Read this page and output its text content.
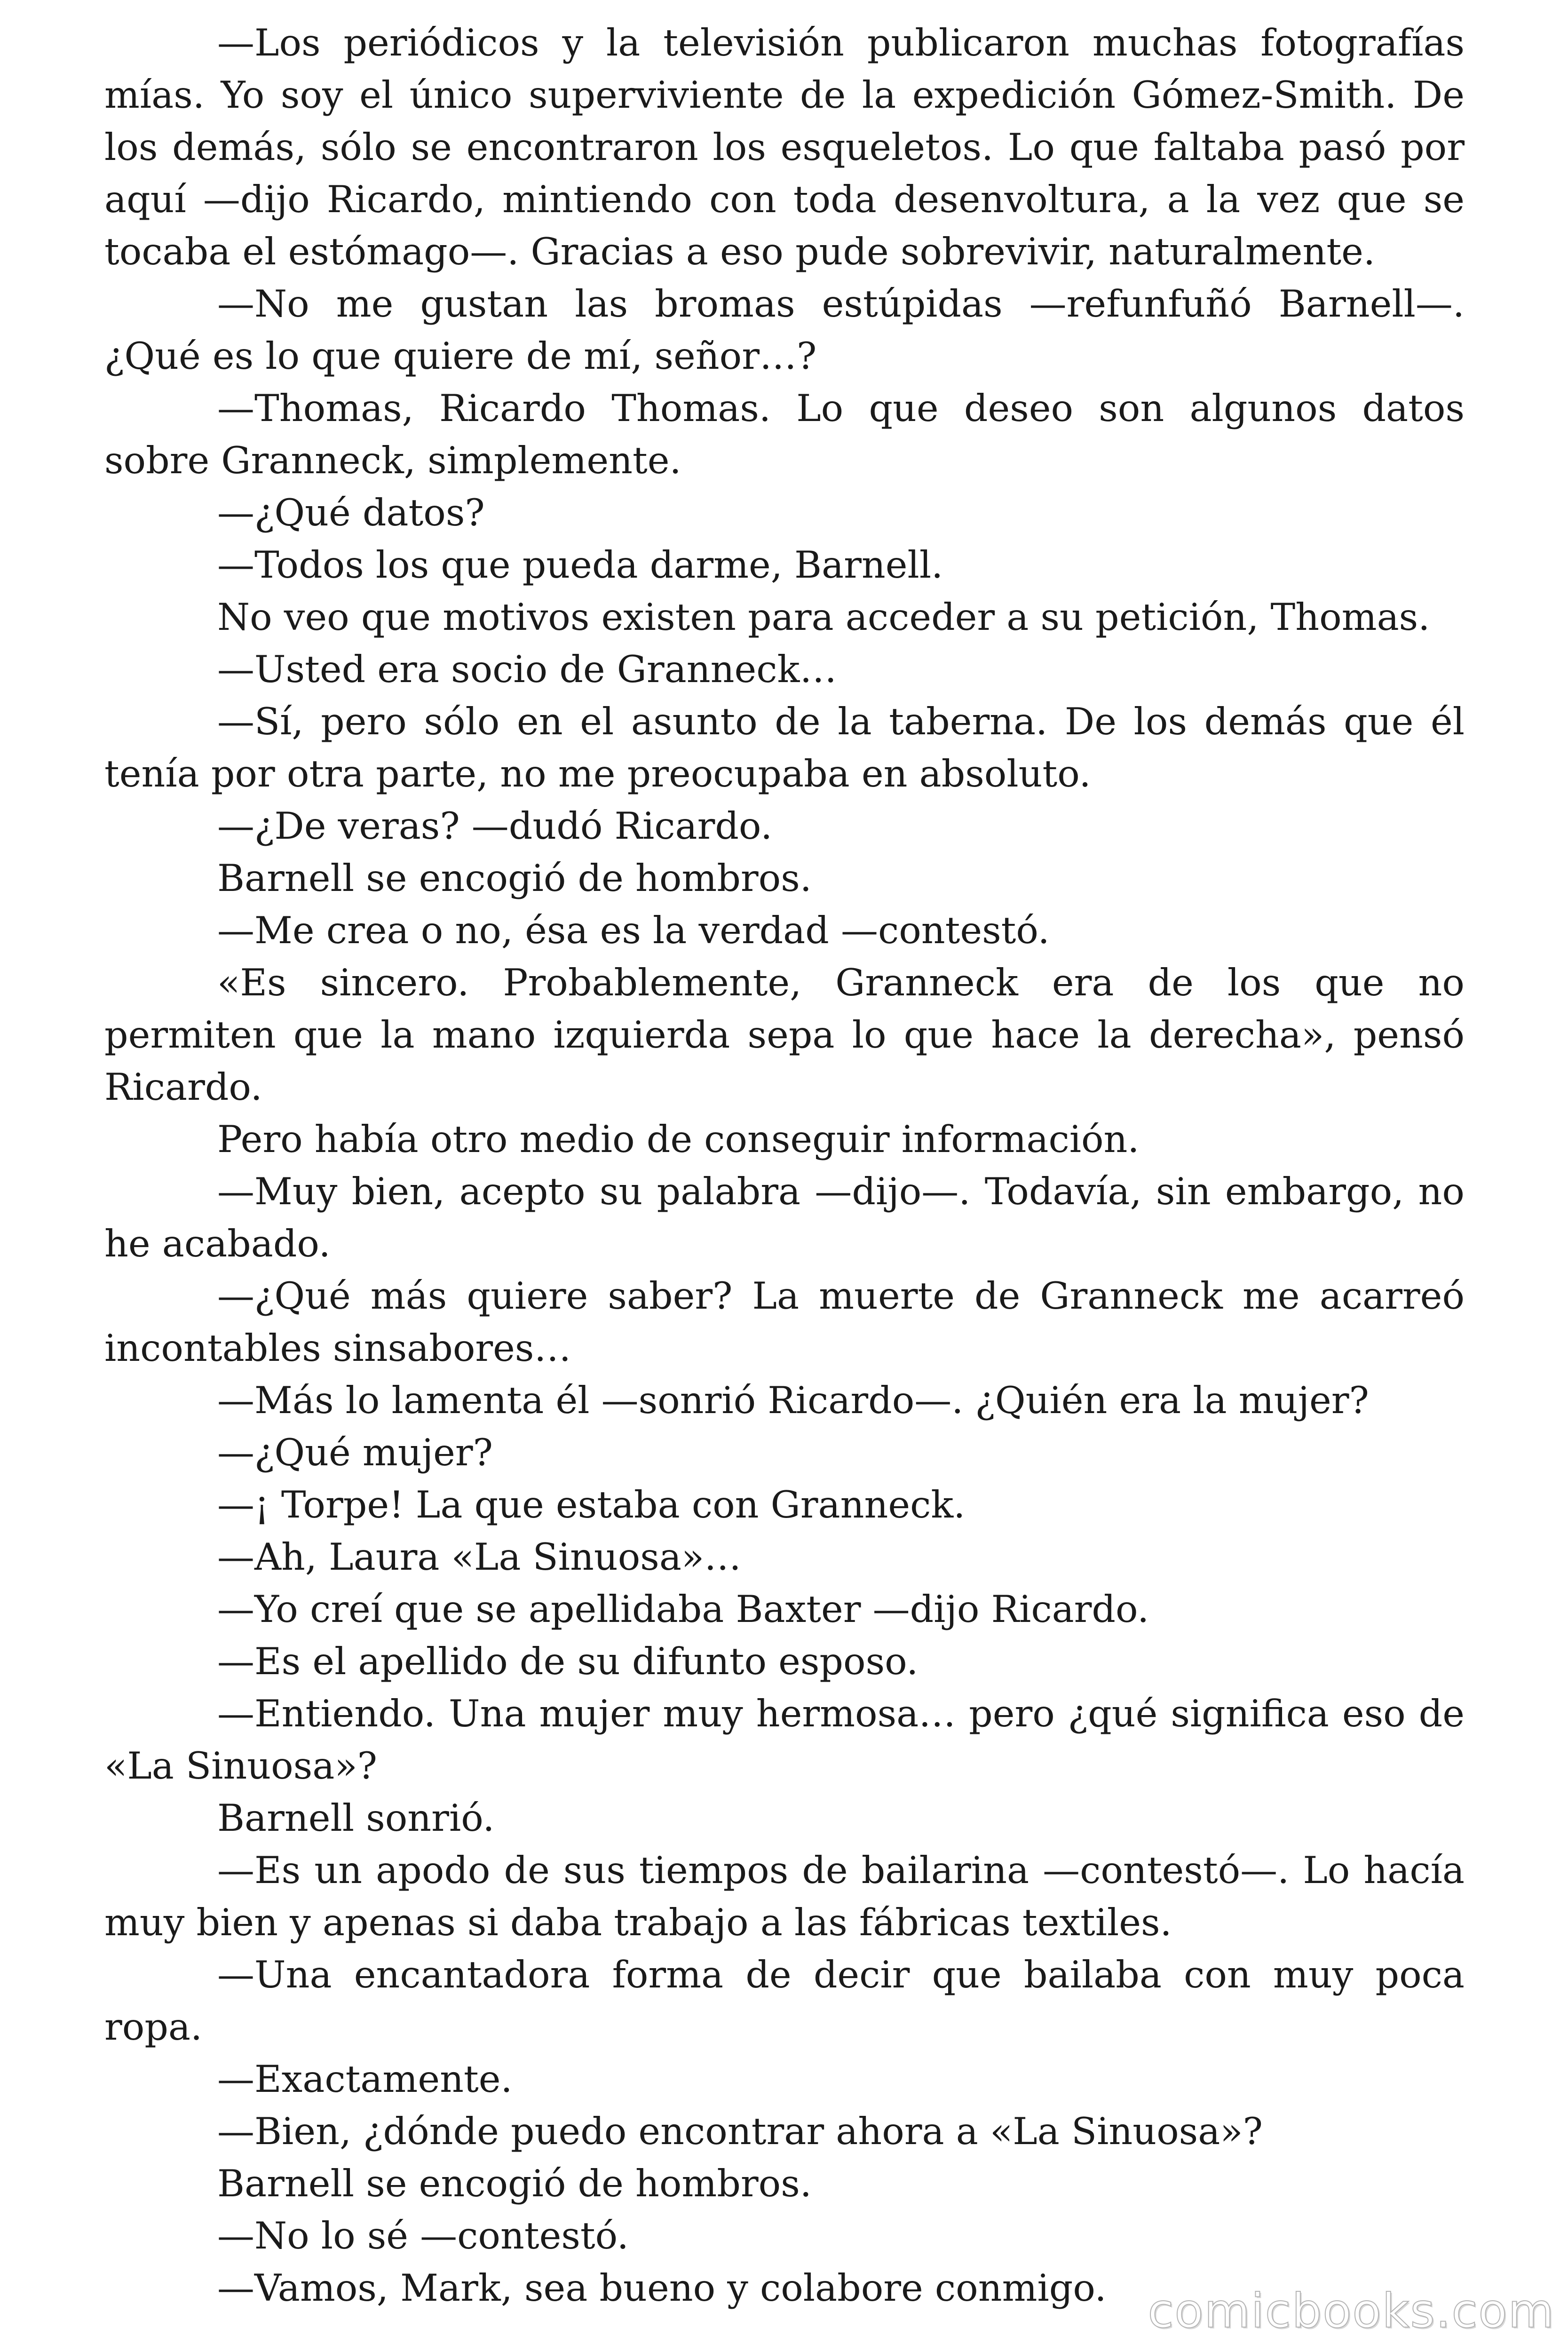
—Los periódicos y la televisión publicaron muchas fotografías mías. Yo soy el único superviviente de la expedición Gómez-Smith. De los demás, sólo se encontraron los esqueletos. Lo que faltaba pasó por aquí —dijo Ricardo, mintiendo con toda desenvoltura, a la vez que se tocaba el estómago—. Gracias a eso pude sobrevivir, naturalmente.

—No me gustan las bromas estúpidas —refunfuñó Barnell—. ¿Qué es lo que quiere de mí, señor…?

—Thomas, Ricardo Thomas. Lo que deseo son algunos datos sobre Granneck, simplemente.

—¿Qué datos?

—Todos los que pueda darme, Barnell.

No veo que motivos existen para acceder a su petición, Thomas.

—Usted era socio de Granneck…

—Sí, pero sólo en el asunto de la taberna. De los demás que él tenía por otra parte, no me preocupaba en absoluto.

—¿De veras? —dudó Ricardo.

Barnell se encogió de hombros.

—Me crea o no, ésa es la verdad —contestó.

«Es sincero. Probablemente, Granneck era de los que no permiten que la mano izquierda sepa lo que hace la derecha», pensó Ricardo.

Pero había otro medio de conseguir información.

—Muy bien, acepto su palabra —dijo—. Todavía, sin embargo, no he acabado.

—¿Qué más quiere saber? La muerte de Granneck me acarreó incontables sinsabores…

—Más lo lamenta él —sonrió Ricardo—. ¿Quién era la mujer?

—¿Qué mujer?

—¡ Torpe! La que estaba con Granneck.

—Ah, Laura «La Sinuosa»…

—Yo creí que se apellidaba Baxter —dijo Ricardo.

—Es el apellido de su difunto esposo.

—Entiendo. Una mujer muy hermosa… pero ¿qué significa eso de «La Sinuosa»?

Barnell sonrió.

—Es un apodo de sus tiempos de bailarina —contestó—. Lo hacía muy bien y apenas si daba trabajo a las fábricas textiles.

—Una encantadora forma de decir que bailaba con muy poca ropa.

—Exactamente.

—Bien, ¿dónde puedo encontrar ahora a «La Sinuosa»?

Barnell se encogió de hombros.

—No lo sé —contestó.

—Vamos, Mark, sea bueno y colabore conmigo. comicbooks.com
